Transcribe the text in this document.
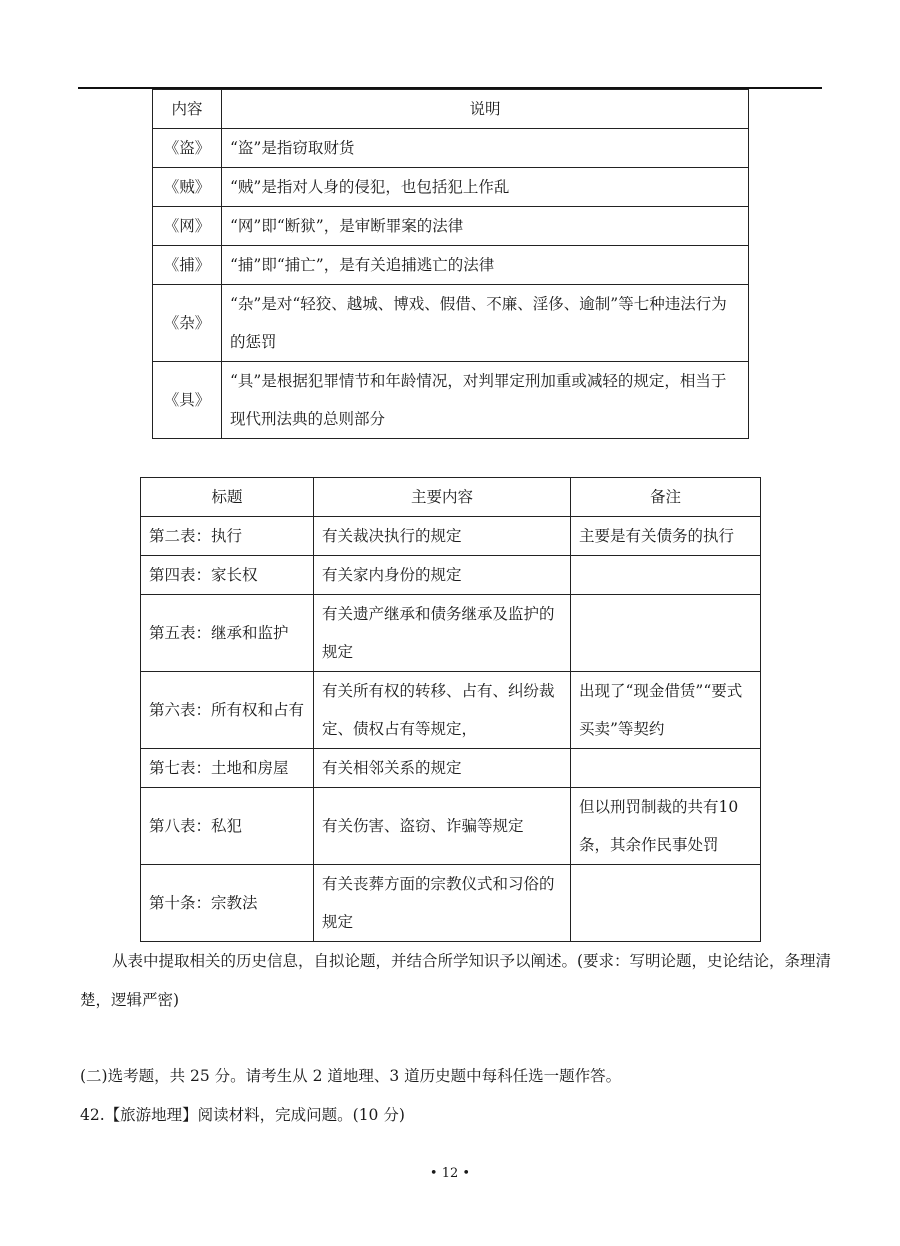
内容	说明
《盗》	“盗”是指窃取财货
《贼》	“贼”是指对人身的侵犯，也包括犯上作乱
《网》	“网”即“断狱”，是审断罪案的法律
《捕》	“捕”即“捕亡”，是有关追捕逃亡的法律
《杂》	“杂”是对“轻狡、越城、博戏、假借、不廉、淫侈、逾制”等七种违法行为的惩罚
《具》	“具”是根据犯罪情节和年龄情况，对判罪定刑加重或减轻的规定，相当于现代刑法典的总则部分
标题	主要内容	备注
第二表：执行	有关裁决执行的规定	主要是有关债务的执行
第四表：家长权	有关家内身份的规定	
第五表：继承和监护	有关遗产继承和债务继承及监护的规定	
第六表：所有权和占有	有关所有权的转移、占有、纠纷裁定、债权占有等规定，	出现了“现金借赁”“要式买卖”等契约
第七表：土地和房屋	有关相邻关系的规定	
第八表：私犯	有关伤害、盗窃、诈骗等规定	但以刑罚制裁的共有10条，其余作民事处罚
第十条：宗教法	有关丧葬方面的宗教仪式和习俗的规定	
从表中提取相关的历史信息，自拟论题，并结合所学知识予以阐述。(要求：写明论题，史论结论，条理清楚，逻辑严密)
(二)选考题，共 25 分。请考生从 2 道地理、3 道历史题中每科任选一题作答。
42.【旅游地理】阅读材料，完成问题。(10 分)
• 12 •
